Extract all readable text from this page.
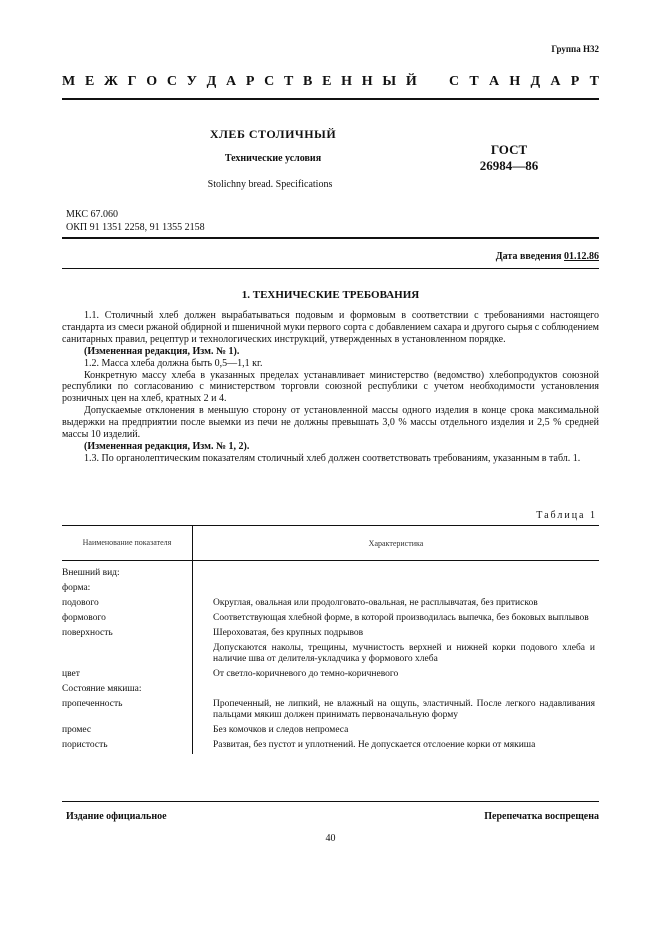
Группа Н32
М Е Ж Г О С У Д А Р С Т В Е Н Н Ы Й С Т А Н Д А Р Т
ХЛЕБ СТОЛИЧНЫЙ
Технические условия
Stolichny bread. Specifications
ГОСТ
26984—86
МКС 67.060
ОКП 91 1351 2258, 91 1355 2158
Дата введения 01.12.86
1. ТЕХНИЧЕСКИЕ ТРЕБОВАНИЯ

1.1. Столичный хлеб должен вырабатываться подовым и формовым в соответствии с требованиями настоящего стандарта из смеси ржаной обдирной и пшеничной муки первого сорта с добавлением сахара и другого сырья с соблюдением санитарных правил, рецептур и технологических инструкций, утвержденных в установленном порядке.

(Измененная редакция, Изм. № 1).

1.2. Масса хлеба должна быть 0,5—1,1 кг.

Конкретную массу хлеба в указанных пределах устанавливает министерство (ведомство) хлебопродуктов союзной республики по согласованию с министерством торговли союзной республики с учетом необходимости установления розничных цен на хлеб, кратных 2 и 4.

Допускаемые отклонения в меньшую сторону от установленной массы одного изделия в конце срока максимальной выдержки на предприятии после выемки из печи не должны превышать 3,0 % массы отдельного изделия и 2,5 % средней массы 10 изделий.

(Измененная редакция, Изм. № 1, 2).

1.3. По органолептическим показателям столичный хлеб должен соответствовать требованиям, указанным в табл. 1.

Таблица 1
Наименование показателя	Характеристика
Внешний вид:	
форма:	
подового	Округлая, овальная или продолговато-овальная, не расплывчатая, без притисков
формового	Соответствующая хлебной форме, в которой производилась выпечка, без боковых выплывов
поверхность	Шероховатая, без крупных подрывов
	Допускаются наколы, трещины, мучнистость верхней и нижней корки подового хлеба и наличие шва от делителя-укладчика у формового хлеба
цвет	От светло-коричневого до темно-коричневого
Состояние мякиша:	
пропеченность	Пропеченный, не липкий, не влажный на ощупь, эластичный. После легкого надавливания пальцами мякиш должен принимать первоначальную форму
промес	Без комочков и следов непромеса
пористость	Развитая, без пустот и уплотнений. Не допускается отслоение корки от мякиша
Издание официальное	Перепечатка воспрещена
40
